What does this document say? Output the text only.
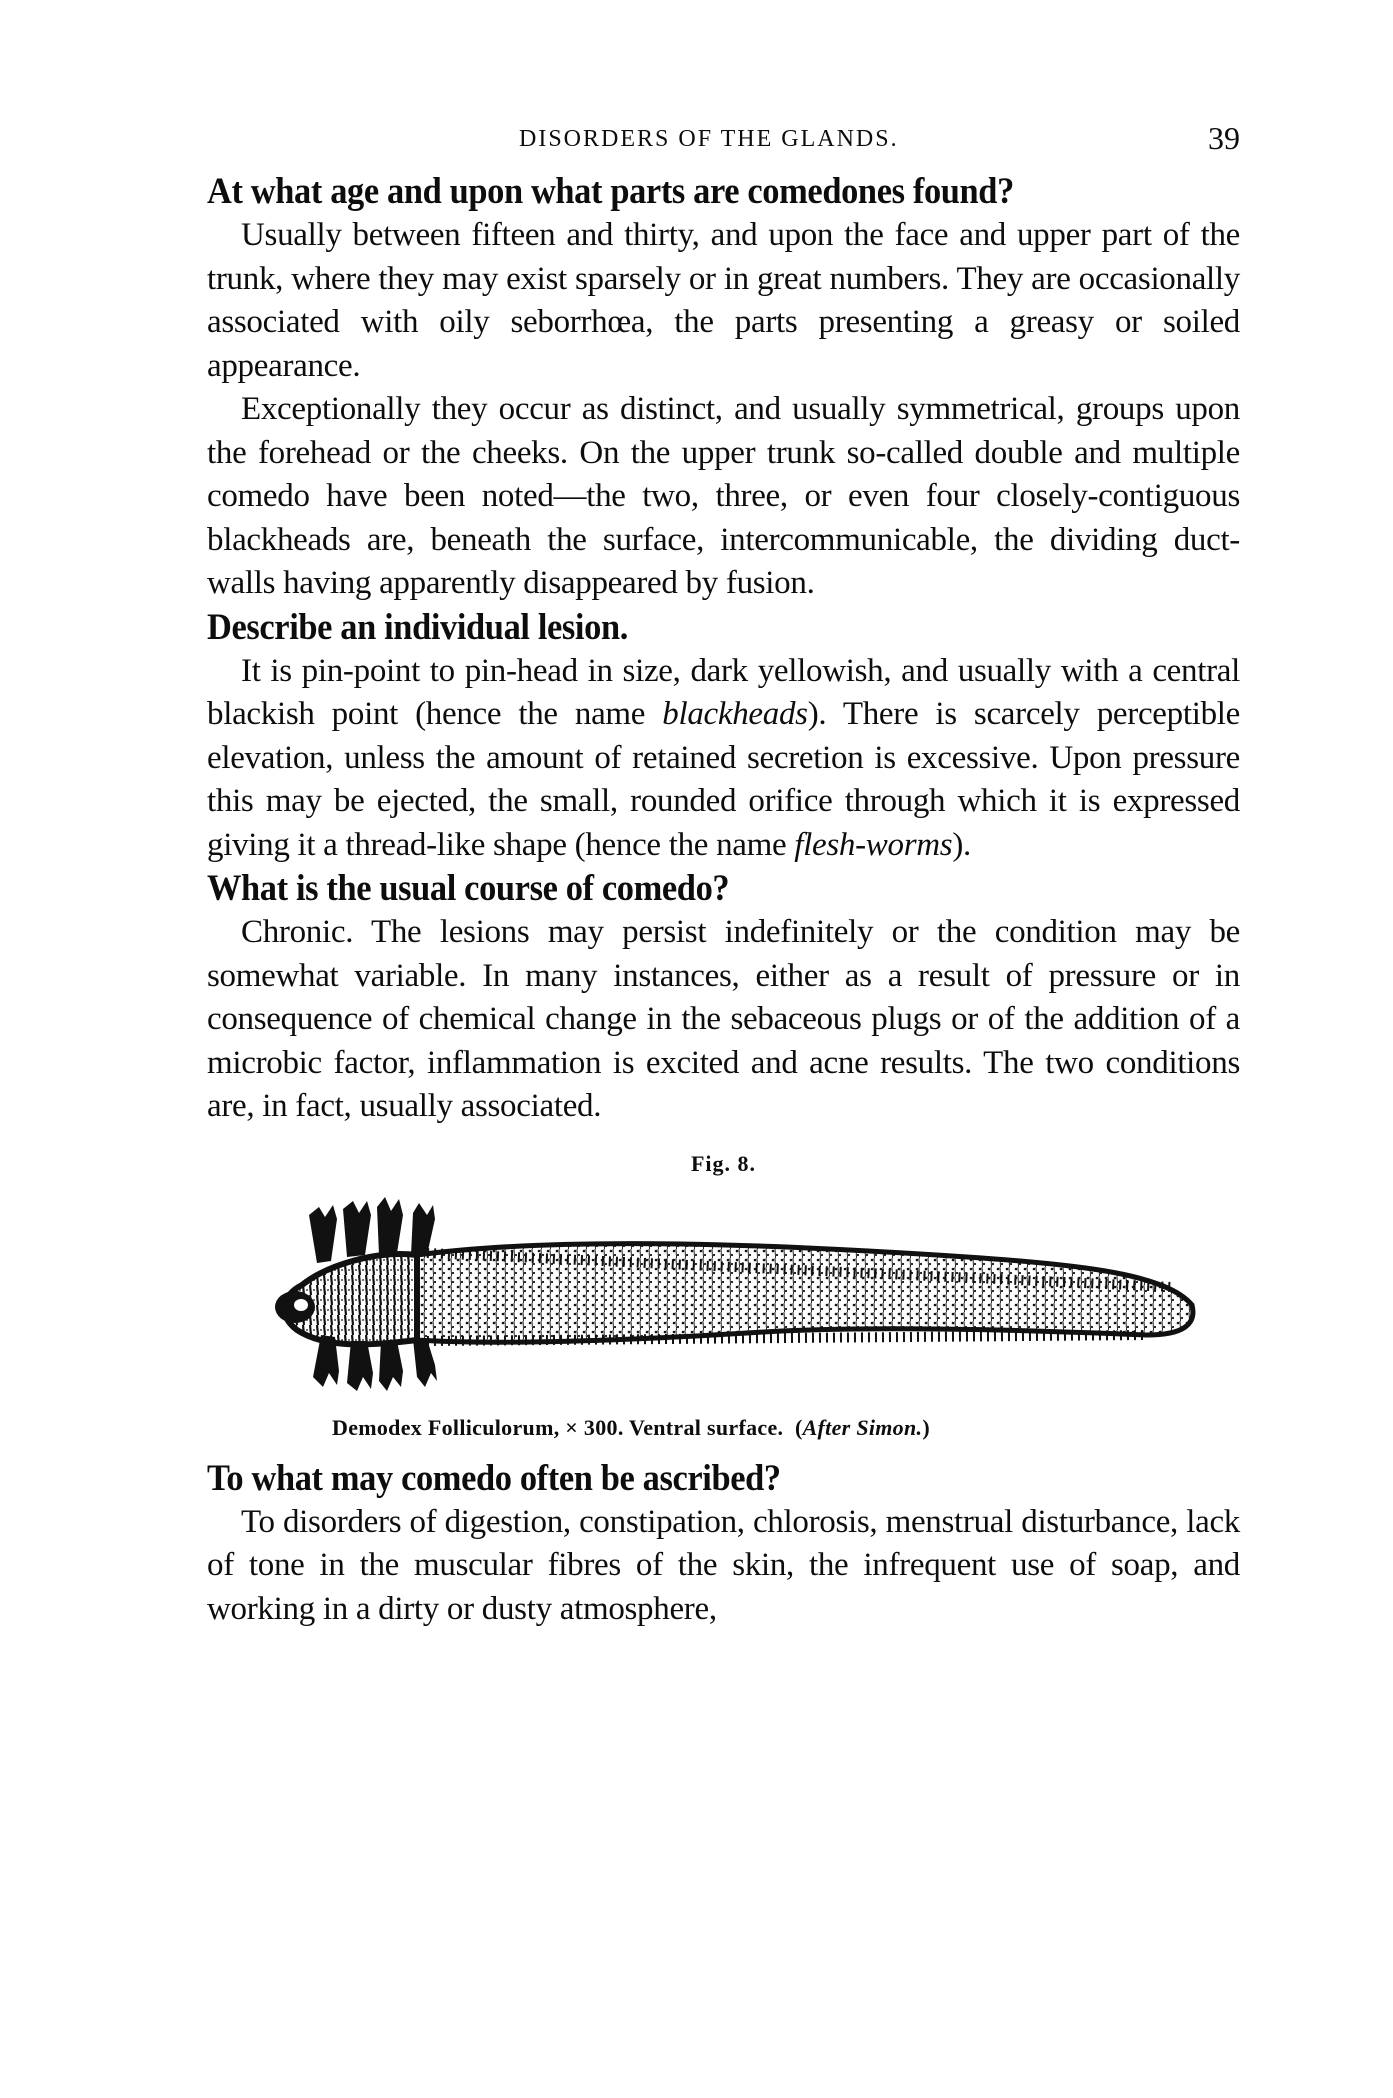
DISORDERS OF THE GLANDS.	39
At what age and upon what parts are comedones found?

Usually between fifteen and thirty, and upon the face and upper part of the trunk, where they may exist sparsely or in great numbers. They are occasionally associated with oily seborrhœa, the parts presenting a greasy or soiled appearance.

Exceptionally they occur as distinct, and usually symmetrical, groups upon the forehead or the cheeks. On the upper trunk so-called double and multiple comedo have been noted—the two, three, or even four closely-contiguous blackheads are, beneath the surface, intercommunicable, the dividing duct-walls having apparently disappeared by fusion.

Describe an individual lesion.

It is pin-point to pin-head in size, dark yellowish, and usually with a central blackish point (hence the name blackheads). There is scarcely perceptible elevation, unless the amount of retained secretion is excessive. Upon pressure this may be ejected, the small, rounded orifice through which it is expressed giving it a thread-like shape (hence the name flesh-worms).

What is the usual course of comedo?

Chronic. The lesions may persist indefinitely or the condition may be somewhat variable. In many instances, either as a result of pressure or in consequence of chemical change in the sebaceous plugs or of the addition of a microbic factor, inflammation is excited and acne results. The two conditions are, in fact, usually associated.

Fig. 8.
Demodex Folliculorum, × 300. Ventral surface. (After Simon.)
To what may comedo often be ascribed?

To disorders of digestion, constipation, chlorosis, menstrual disturbance, lack of tone in the muscular fibres of the skin, the infrequent use of soap, and working in a dirty or dusty atmosphere,
